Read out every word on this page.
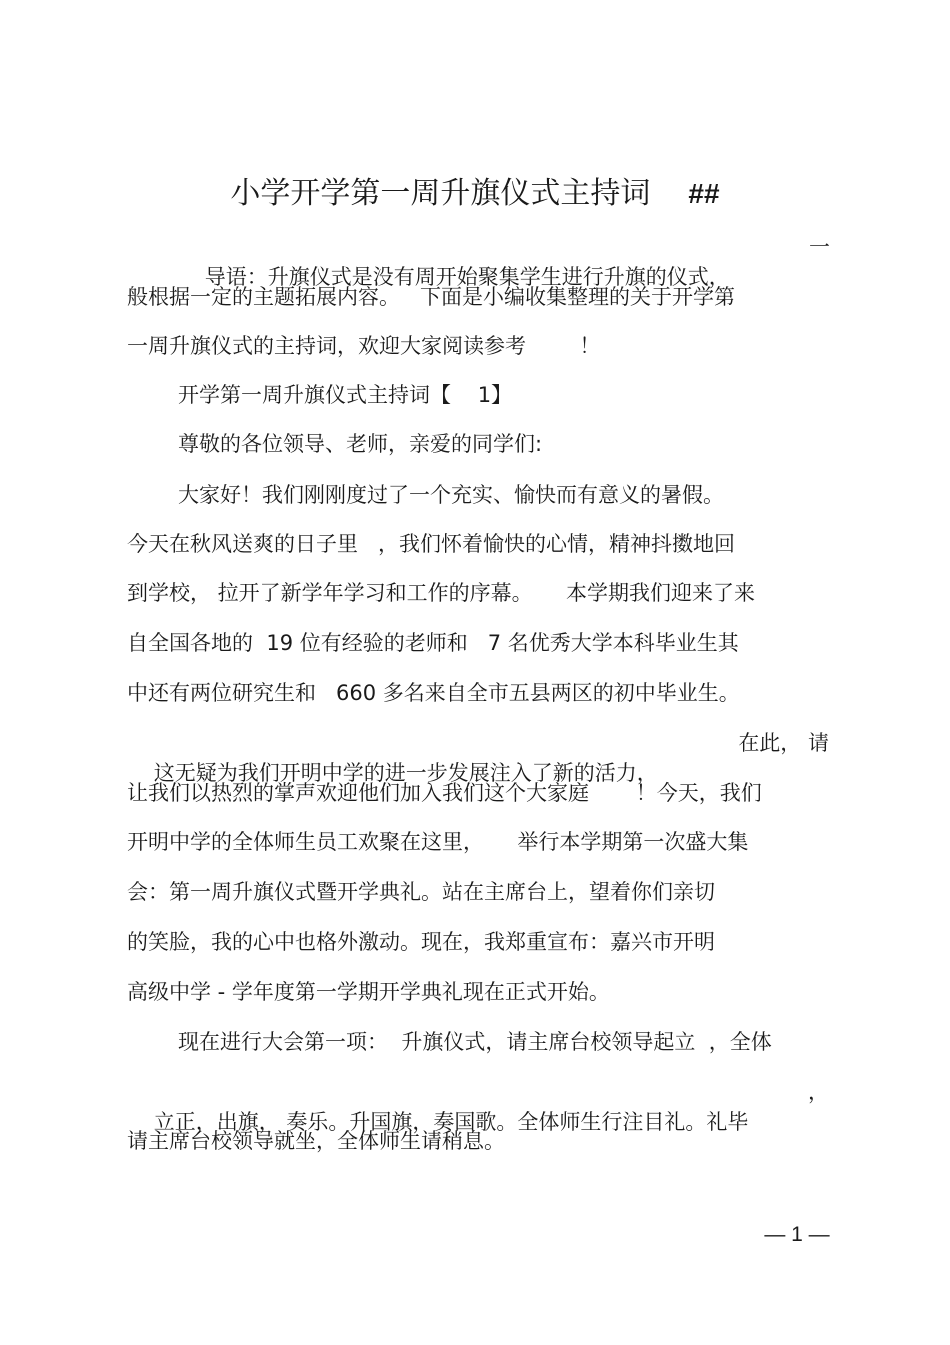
小学开学第一周升旗仪式主持词 ##

导语：升旗仪式是没有周开始聚集学生进行升旗的仪式，
一

般根据一定的主题拓展内容。   下面是小编收集整理的关于开学第
一周升旗仪式的主持词，欢迎大家阅读参考        ！
开学第一周升旗仪式主持词【    1】
尊敬的各位领导、老师，亲爱的同学们:
大家好！我们刚刚度过了一个充实、愉快而有意义的暑假。
今天在秋风送爽的日子里   ，我们怀着愉快的心情，精神抖擞地回
到学校， 拉开了新学年学习和工作的序幕。     本学期我们迎来了来
自全国各地的  19 位有经验的老师和   7 名优秀大学本科毕业生其
中还有两位研究生和   660 多名来自全市五县两区的初中毕业生。

这无疑为我们开明中学的进一步发展注入了新的活力，
在此， 请

让我们以热烈的掌声欢迎他们加入我们这个大家庭       ！今天，我们
开明中学的全体师生员工欢聚在这里，     举行本学期第一次盛大集
会：第一周升旗仪式暨开学典礼。站在主席台上，望着你们亲切
的笑脸，我的心中也格外激动。现在，我郑重宣布：嘉兴市开明
高级中学 - 学年度第一学期开学典礼现在正式开始。
现在进行大会第一项：  升旗仪式，请主席台校领导起立  ，全体

立正，出旗， 奏乐。升国旗，奏国歌。全体师生行注目礼。礼毕
，

请主席台校领导就坐，全体师生请稍息。
— 1 —
